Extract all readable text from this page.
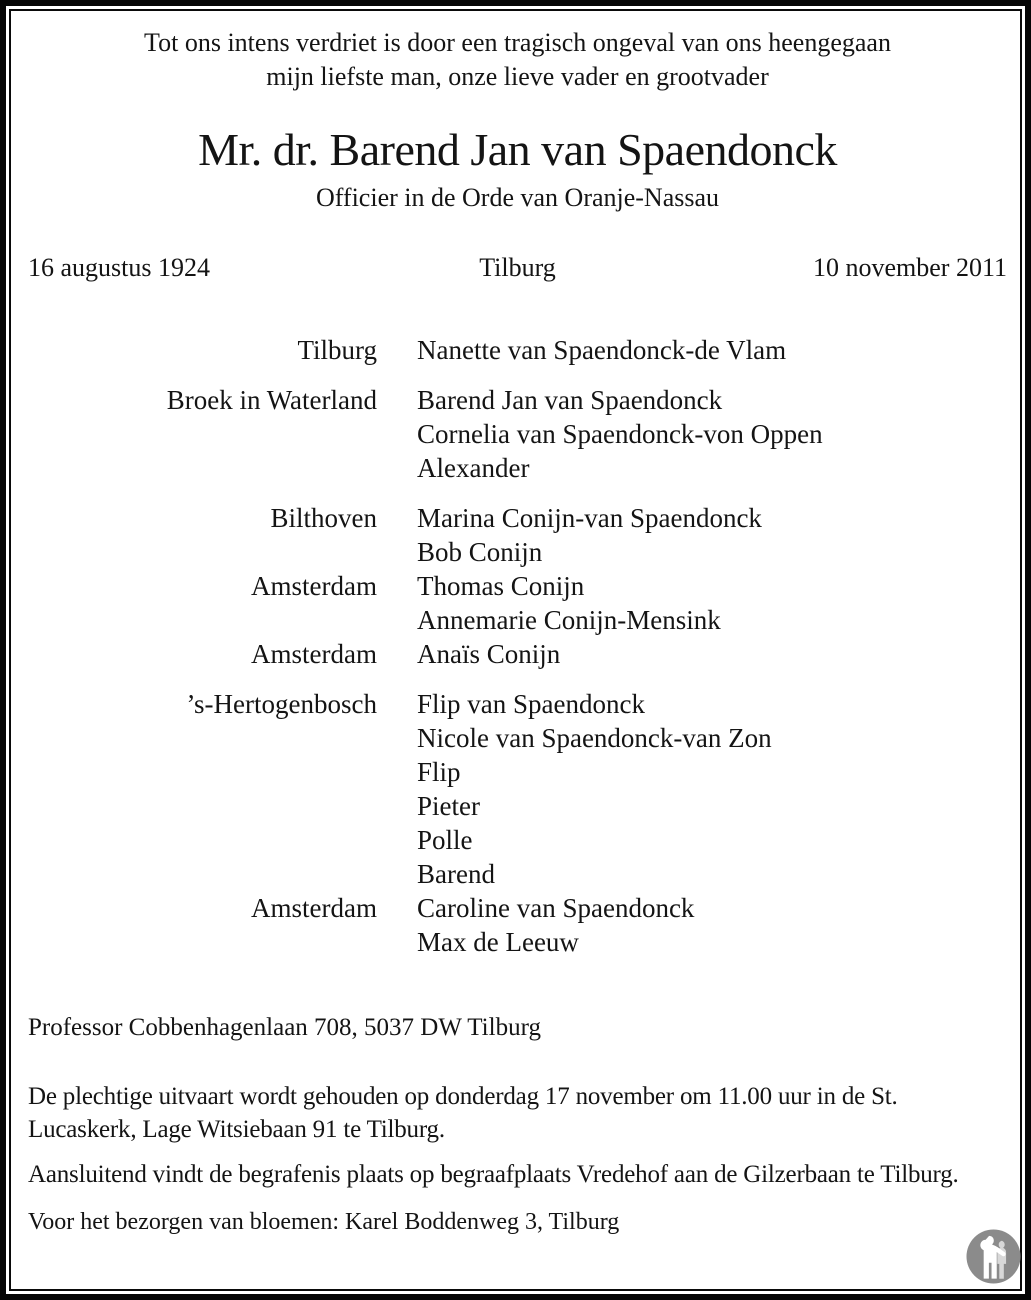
Tot ons intens verdriet is door een tragisch ongeval van ons heengegaan
mijn liefste man, onze lieve vader en grootvader

Mr. dr. Barend Jan van Spaendonck
Officier in de Orde van Oranje-Nassau
16 augustus 1924	Tilburg	10 november 2011
Tilburg Nanette van Spaendonck-de Vlam
Broek in Waterland Barend Jan van Spaendonck
Cornelia van Spaendonck-von Oppen
Alexander
Bilthoven Marina Conijn-van Spaendonck
Bob Conijn
Amsterdam Thomas Conijn
Annemarie Conijn-Mensink
Amsterdam Anaïs Conijn
’s-Hertogenbosch Flip van Spaendonck
Nicole van Spaendonck-van Zon
Flip
Pieter
Polle
Barend
Amsterdam Caroline van Spaendonck
Max de Leeuw
Professor Cobbenhagenlaan 708, 5037 DW Tilburg

De plechtige uitvaart wordt gehouden op donderdag 17 november om 11.00 uur in de St. Lucaskerk, Lage Witsiebaan 91 te Tilburg.

Aansluitend vindt de begrafenis plaats op begraafplaats Vredehof aan de Gilzerbaan te Tilburg.

Voor het bezorgen van bloemen: Karel Boddenweg 3, Tilburg
